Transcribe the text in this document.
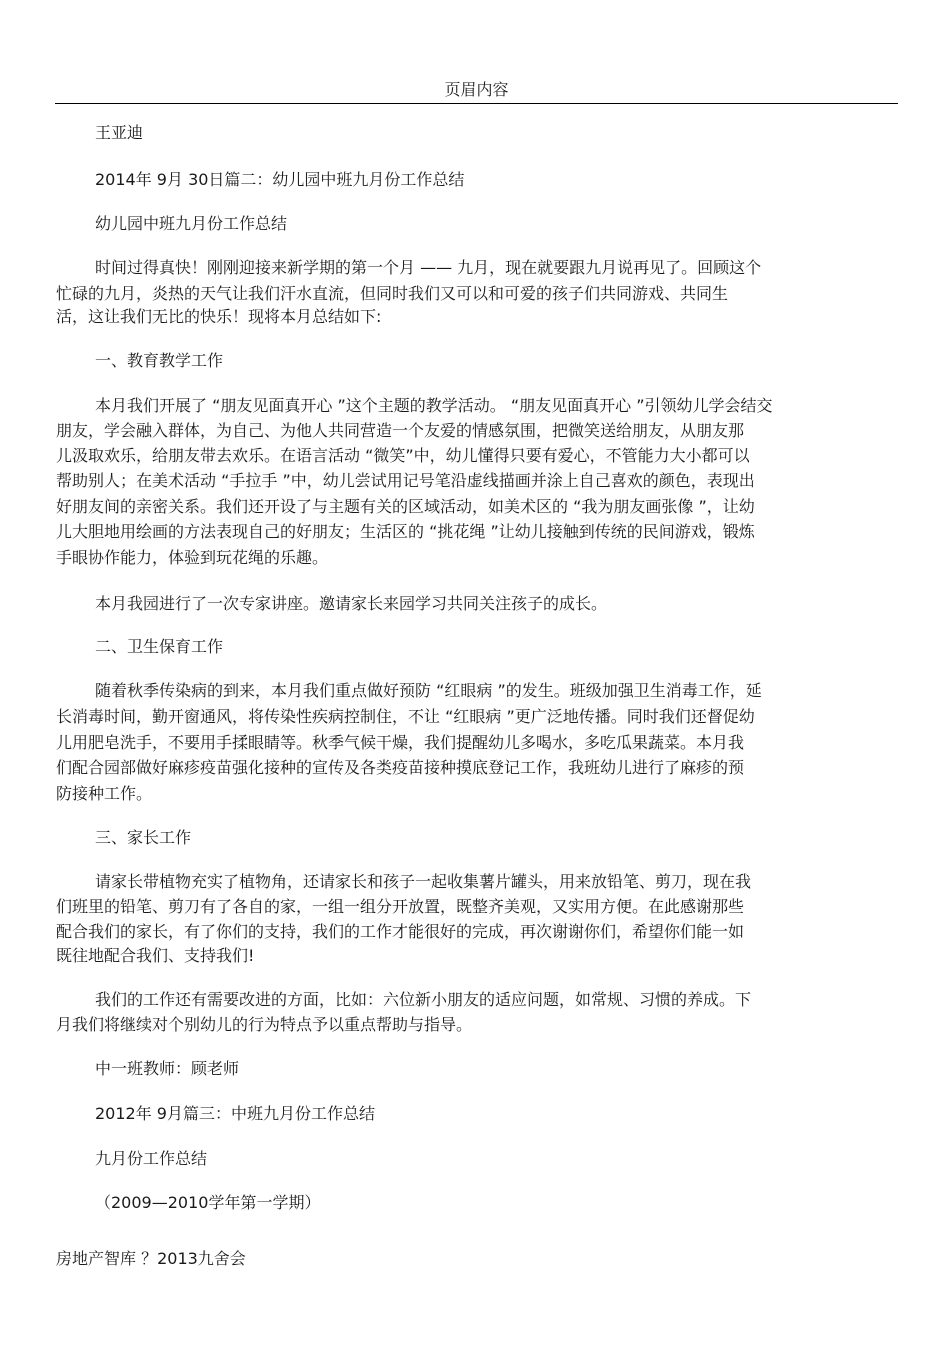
页眉内容
王亚迪
2014年 9月 30日篇二：幼儿园中班九月份工作总结
幼儿园中班九月份工作总结
时间过得真快！刚刚迎接来新学期的第一个月 —— 九月，现在就要跟九月说再见了。回顾这个
忙碌的九月，炎热的天气让我们汗水直流，但同时我们又可以和可爱的孩子们共同游戏、共同生
活，这让我们无比的快乐！现将本月总结如下:
一、教育教学工作
本月我们开展了 “朋友见面真开心 ”这个主题的教学活动。 “朋友见面真开心 ”引领幼儿学会结交
朋友，学会融入群体，为自己、为他人共同营造一个友爱的情感氛围，把微笑送给朋友，从朋友那
儿汲取欢乐，给朋友带去欢乐。在语言活动 “微笑”中，幼儿懂得只要有爱心，不管能力大小都可以
帮助别人；在美术活动 “手拉手 ”中，幼儿尝试用记号笔沿虚线描画并涂上自己喜欢的颜色，表现出
好朋友间的亲密关系。我们还开设了与主题有关的区域活动，如美术区的 “我为朋友画张像 ”，让幼
儿大胆地用绘画的方法表现自己的好朋友；生活区的 “挑花绳 ”让幼儿接触到传统的民间游戏，锻炼
手眼协作能力，体验到玩花绳的乐趣。
本月我园进行了一次专家讲座。邀请家长来园学习共同关注孩子的成长。
二、卫生保育工作
随着秋季传染病的到来，本月我们重点做好预防 “红眼病 ”的发生。班级加强卫生消毒工作，延
长消毒时间，勤开窗通风，将传染性疾病控制住，不让 “红眼病 ”更广泛地传播。同时我们还督促幼
儿用肥皂洗手，不要用手揉眼睛等。秋季气候干燥，我们提醒幼儿多喝水，多吃瓜果蔬菜。本月我
们配合园部做好麻疹疫苗强化接种的宣传及各类疫苗接种摸底登记工作，我班幼儿进行了麻疹的预
防接种工作。
三、家长工作
请家长带植物充实了植物角，还请家长和孩子一起收集薯片罐头，用来放铅笔、剪刀，现在我
们班里的铅笔、剪刀有了各自的家，一组一组分开放置，既整齐美观，又实用方便。在此感谢那些
配合我们的家长，有了你们的支持，我们的工作才能很好的完成，再次谢谢你们，希望你们能一如
既往地配合我们、支持我们!
我们的工作还有需要改进的方面，比如：六位新小朋友的适应问题，如常规、习惯的养成。下
月我们将继续对个别幼儿的行为特点予以重点帮助与指导。
中一班教师：顾老师
2012年 9月篇三：中班九月份工作总结
九月份工作总结
（2009—2010学年第一学期）
房地产智库 ？2013九舍会
